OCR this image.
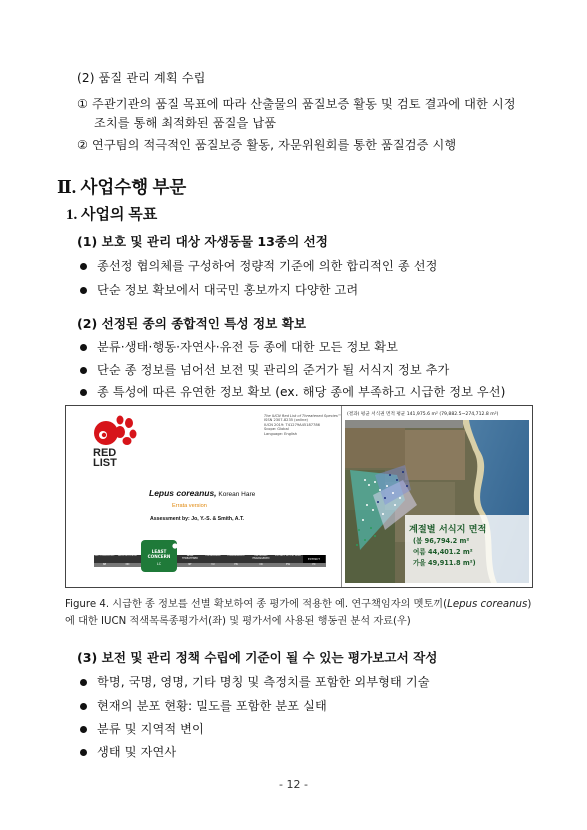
(2) 품질 관리 계획 수립
① 주관기관의 품질 목표에 따라 산출물의 품질보증 활동 및 검토 결과에 대한 시정
조치를 통해 최적화된 품질을 납품
② 연구팀의 적극적인 품질보증 활동, 자문위원회를 통한 품질검증 시행
Ⅱ. 사업수행 부문
1. 사업의 목표
(1) 보호 및 관리 대상 자생동물 13종의 선정
종선정 협의체를 구성하여 정량적 기준에 의한 합리적인 종 선정
단순 정보 확보에서 대국민 홍보까지 다양한 고려
(2) 선정된 종의 종합적인 특성 정보 확보
분류·생태·행동·자연사·유전 등 종에 대한 모든 정보 확보
단순 종 정보를 넘어선 보전 및 관리의 준거가 될 서식지 정보 추가
종 특성에 따른 유연한 정보 확보 (ex. 해당 종에 부족하고 시급한 정보 우선)
RED
LIST
The IUCN Red List of Threatened Species™
ISSN 2307-8235 (online)
IUCN 2019: T41279A45187786
Scope: Global
Language: English
Lepus coreanus, Korean Hare
Errata version
Assessment by: Jo, Y.-S. & Smith, A.T.
NOT EVALUATED
NE
DATA DEFICIENT
DD
LEAST CONCERN
LC
NEAR THREATENED
NT
VULNERABLE
VU
ENDANGERED
EN
CRITICALLY ENDANGERED
CR
EXTINCT IN THE WILD
EW
EXTINCT
EX
(결과) 평균 서식권 면적 평균 141,975.6 m² (79,882.5~274,712.8 m²)
계절별 서식지 면적
(봄 96,794.2 m²
여름 44,401.2 m²
가을 49,911.8 m²)
Figure 4. 시급한 종 정보를 선별 확보하여 종 평가에 적용한 예. 연구책임자의 멧토끼(Lepus coreanus)
에 대한 IUCN 적색목록종평가서(좌) 및 평가서에 사용된 행동권 분석 자료(우)
(3) 보전 및 관리 정책 수립에 기준이 될 수 있는 평가보고서 작성
학명, 국명, 영명, 기타 명칭 및 측정치를 포함한 외부형태 기술
현재의 분포 현황: 밀도를 포함한 분포 실태
분류 및 지역적 변이
생태 및 자연사
- 12 -
